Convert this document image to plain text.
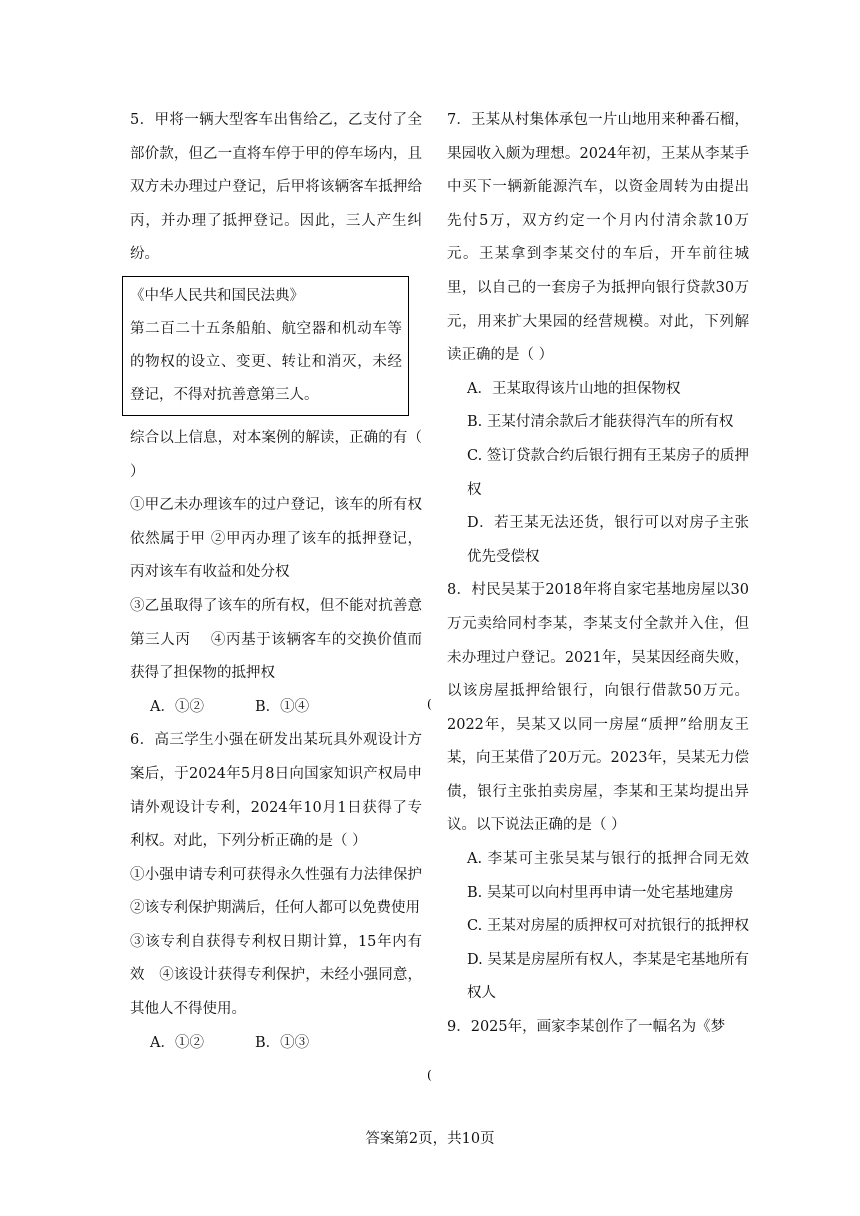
5．甲将一辆大型客车出售给乙，乙支付了全部价款，但乙一直将车停于甲的停车场内，且双方未办理过户登记，后甲将该辆客车抵押给丙，并办理了抵押登记。因此，三人产生纠纷。

《中华人民共和国民法典》

第二百二十五条船舶、航空器和机动车等的物权的设立、变更、转让和消灭，未经登记，不得对抗善意第三人。

综合以上信息，对本案例的解读，正确的有（ ）

①甲乙未办理该车的过户登记，该车的所有权依然属于甲 ②甲丙办理了该车的抵押登记，丙对该车有收益和处分权

③乙虽取得了该车的所有权，但不能对抗善意第三人丙　 ④丙基于该辆客车的交换价值而获得了担保物的抵押权

A．①②	B．①④

6．高三学生小强在研发出某玩具外观设计方案后，于2024年5月8日向国家知识产权局申请外观设计专利，2024年10月1日获得了专利权。对此，下列分析正确的是（ ）

①小强申请专利可获得永久性强有力法律保护　②该专利保护期满后，任何人都可以免费使用

③该专利自获得专利权日期计算，15年内有效　④该设计获得专利保护，未经小强同意，其他人不得使用。

A．①②	B．①③
(
(

7．王某从村集体承包一片山地用来种番石榴，果园收入颇为理想。2024年初，王某从李某手中买下一辆新能源汽车，以资金周转为由提出先付5万，双方约定一个月内付清余款10万元。王某拿到李某交付的车后，开车前往城里，以自己的一套房子为抵押向银行贷款30万元，用来扩大果园的经营规模。对此，下列解读正确的是（ ）

A．王某取得该片山地的担保物权

B. 王某付清余款后才能获得汽车的所有权

C. 签订贷款合约后银行拥有王某房子的质押权

D．若王某无法还货，银行可以对房子主张优先受偿权

8．村民吴某于2018年将自家宅基地房屋以30万元卖给同村李某，李某支付全款并入住，但未办理过户登记。2021年，吴某因经商失败，以该房屋抵押给银行，向银行借款50万元。2022年，吴某又以同一房屋“质押”给朋友王某，向王某借了20万元。2023年，吴某无力偿债，银行主张拍卖房屋，李某和王某均提出异议。以下说法正确的是（ ）

A. 李某可主张吴某与银行的抵押合同无效　B. 吴某可以向村里再申请一处宅基地建房

C. 王某对房屋的质押权可对抗银行的抵押权　D. 吴某是房屋所有权人，李某是宅基地所有权人

9．2025年，画家李某创作了一幅名为《梦

答案第2页，共10页
